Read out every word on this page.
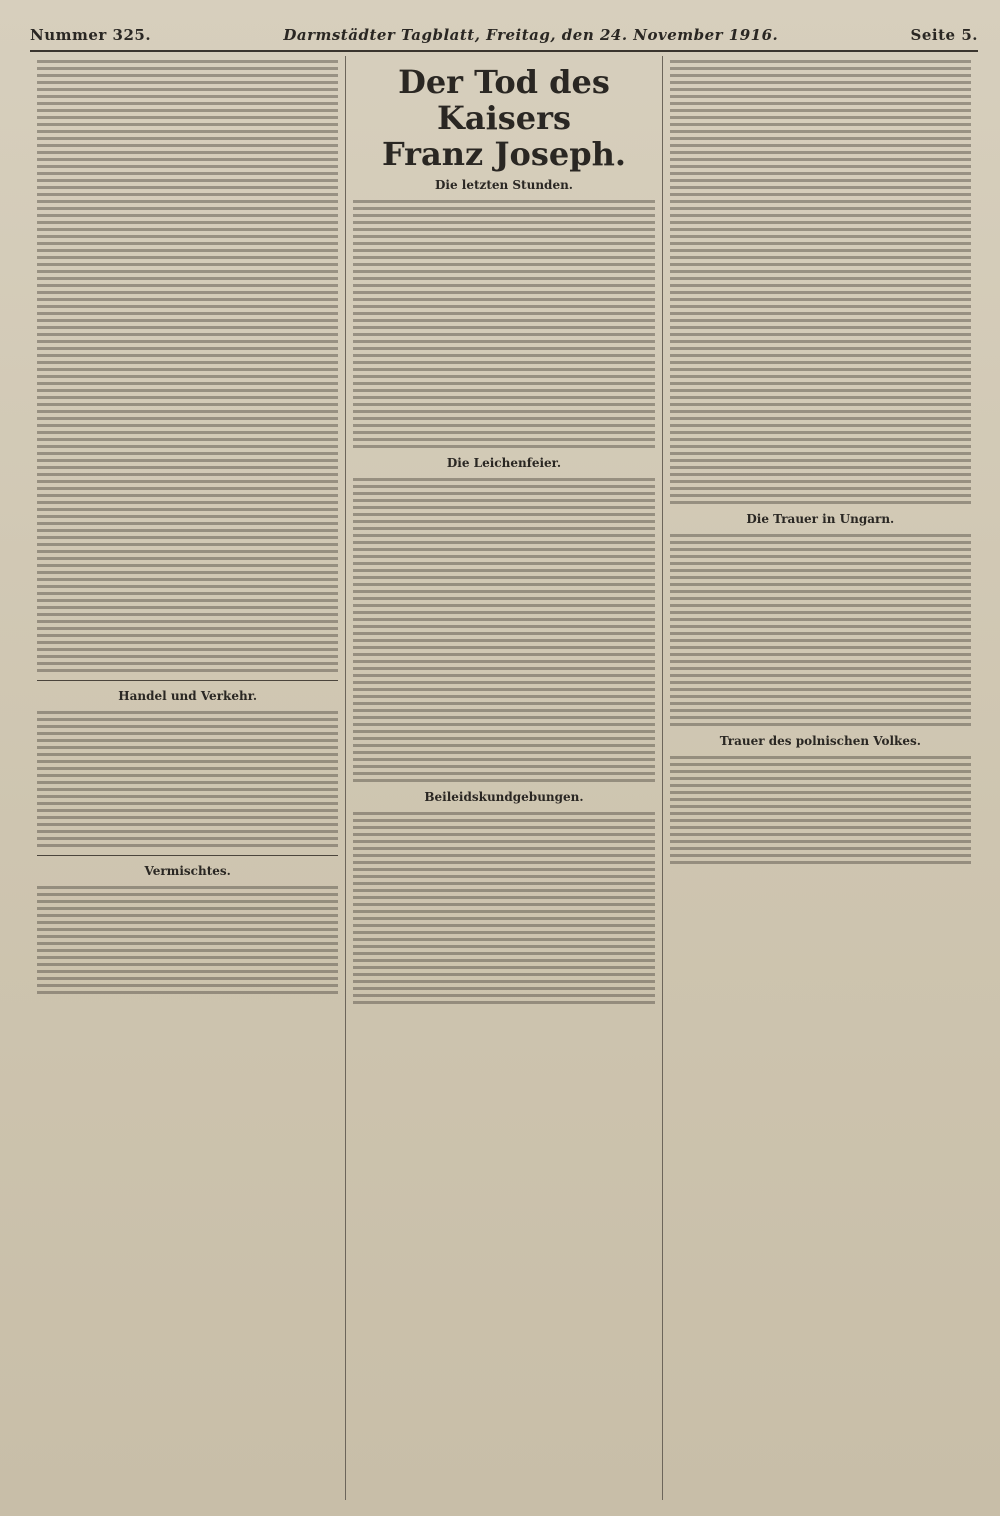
Nummer 325.	Darmstädter Tagblatt, Freitag, den 24. November 1916.	Seite 5.
Handel und Verkehr.
Vermischtes.
Der Tod des Kaisers
Franz Joseph.
Die letzten Stunden.
Die Leichenfeier.
Beileidskundgebungen.
Die Trauer in Ungarn.
Trauer des polnischen Volkes.
